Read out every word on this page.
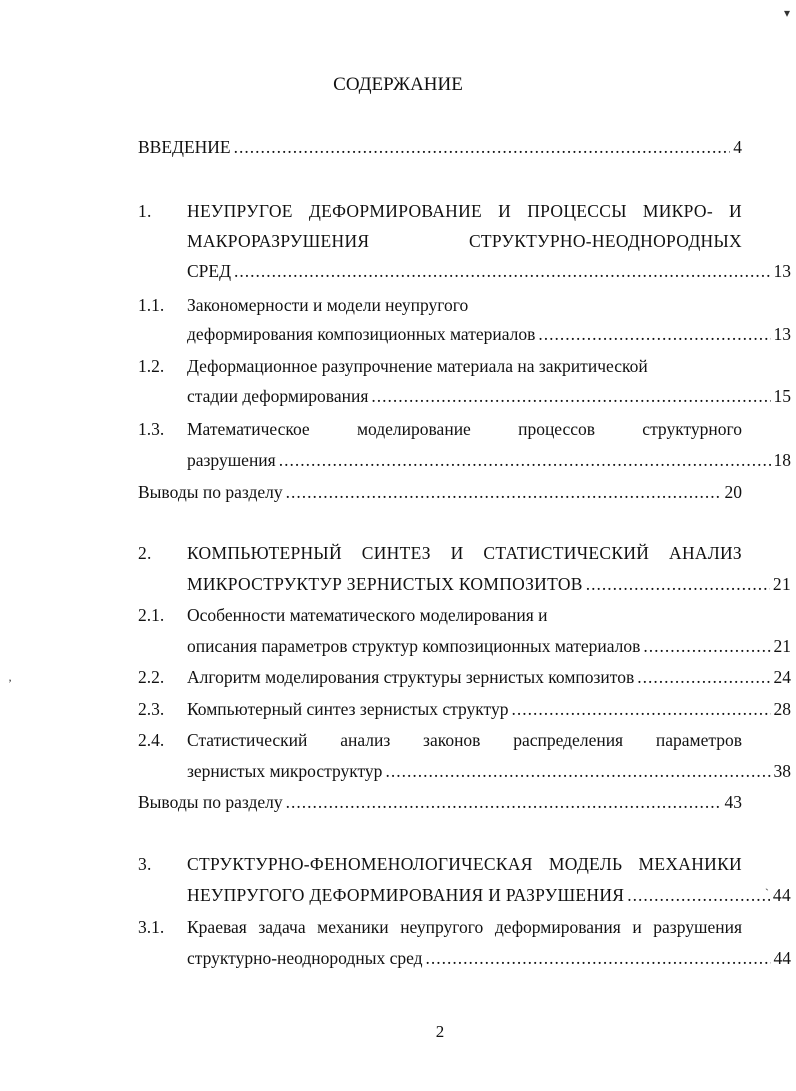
СОДЕРЖАНИЕ
ВВЕДЕНИЕ .....	4
1. НЕУПРУГОЕ ДЕФОРМИРОВАНИЕ И ПРОЦЕССЫ МИКРО- И
МАКРОРАЗРУШЕНИЯ СТРУКТУРНО-НЕОДНОРОДНЫХ
СРЕД .....	13
1.1. Закономерности и модели неупругого
деформирования композиционных материалов .....	13
1.2. Деформационное разупрочнение материала на закритической
стадии деформирования .....	15
1.3. Математическое моделирование процессов структурного
разрушения .....	18
Выводы по разделу .....	20
2. КОМПЬЮТЕРНЫЙ СИНТЕЗ И СТАТИСТИЧЕСКИЙ АНАЛИЗ
МИКРОСТРУКТУР ЗЕРНИСТЫХ КОМПОЗИТОВ .....	21
2.1. Особенности математического моделирования и
описания параметров структур композиционных материалов .....	21
2.2. Алгоритм моделирования структуры зернистых композитов .....	24
2.3. Компьютерный синтез зернистых структур .....	28
2.4. Статистический анализ законов распределения параметров
зернистых микроструктур .....	38
Выводы по разделу .....	43
3. СТРУКТУРНО-ФЕНОМЕНОЛОГИЧЕСКАЯ МОДЕЛЬ МЕХАНИКИ
НЕУПРУГОГО ДЕФОРМИРОВАНИЯ И РАЗРУШЕНИЯ .....	44
3.1. Краевая задача механики неупругого деформирования и разрушения
структурно-неоднородных сред .....	44
2
▾
’
`
